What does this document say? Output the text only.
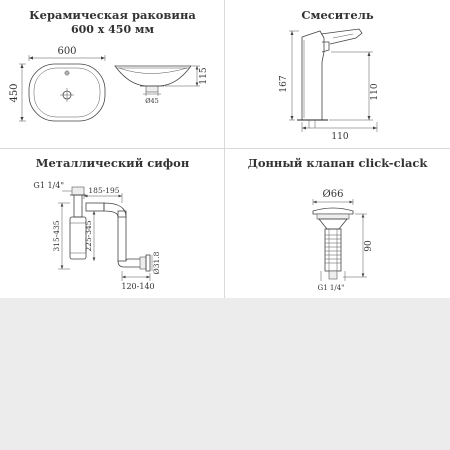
Керамическая раковина
600 x 450 мм
600
450	Ø45
115
Смеситель
167	110
110
Металлический сифон
G1 1/4"
185-195
315-435	225-345
Ø31.8
120-140
Донный клапан click-clack
Ø66
90
G1 1/4"
